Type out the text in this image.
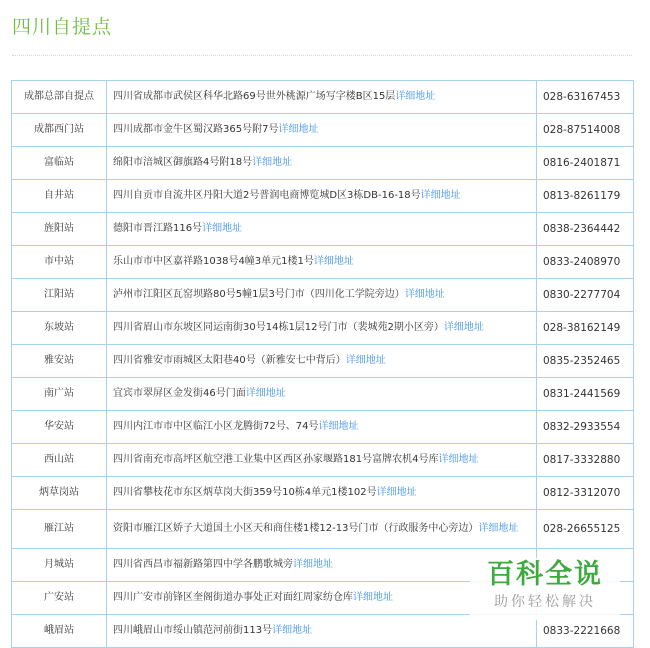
四川自提点
成都总部自提点	四川省成都市武侯区科华北路69号世外桃源广场写字楼B区15层详细地址	028-63167453
成都西门站	四川成都市金牛区蜀汉路365号附7号详细地址	028-87514008
富临站	绵阳市涪城区御旗路4号附18号详细地址	0816-2401871
自井站	四川自贡市自流井区丹阳大道2号普润电商博览城D区3栋DB-16-18号详细地址	0813-8261179
旌阳站	德阳市晋江路116号详细地址	0838-2364442
市中站	乐山市市中区嘉祥路1038号4幢3单元1楼1号详细地址	0833-2408970
江阳站	泸州市江阳区瓦窑坝路80号5幢1层3号门市（四川化工学院旁边）详细地址	0830-2277704
东坡站	四川省眉山市东坡区同运南街30号14栋1层12号门市（裴城苑2期小区旁）详细地址	028-38162149
雅安站	四川省雅安市雨城区太阳巷40号（新雅安七中背后）详细地址	0835-2352465
南广站	宜宾市翠屏区金发街46号门面详细地址	0831-2441569
华安站	四川内江市市中区临江小区龙腾街72号、74号详细地址	0832-2933554
西山站	四川省南充市高坪区航空港工业集中区西区孙家堰路181号富牌农机4号库详细地址	0817-3332880
炳草岗站	四川省攀枝花市东区炳草岗大街359号10栋4单元1楼102号详细地址	0812-3312070
雁江站	资阳市雁江区娇子大道国土小区天和商住楼1楼12-13号门市（行政服务中心旁边）详细地址	028-26655125
月城站	四川省西昌市福新路第四中学各鹏歌城旁详细地址	
广安站	四川广安市前锋区奎阁街道办事处正对面红周家纺仓库详细地址	
峨眉站	四川峨眉山市绥山镇范河前街113号详细地址	0833-2221668
百科全说
助你轻松解决
